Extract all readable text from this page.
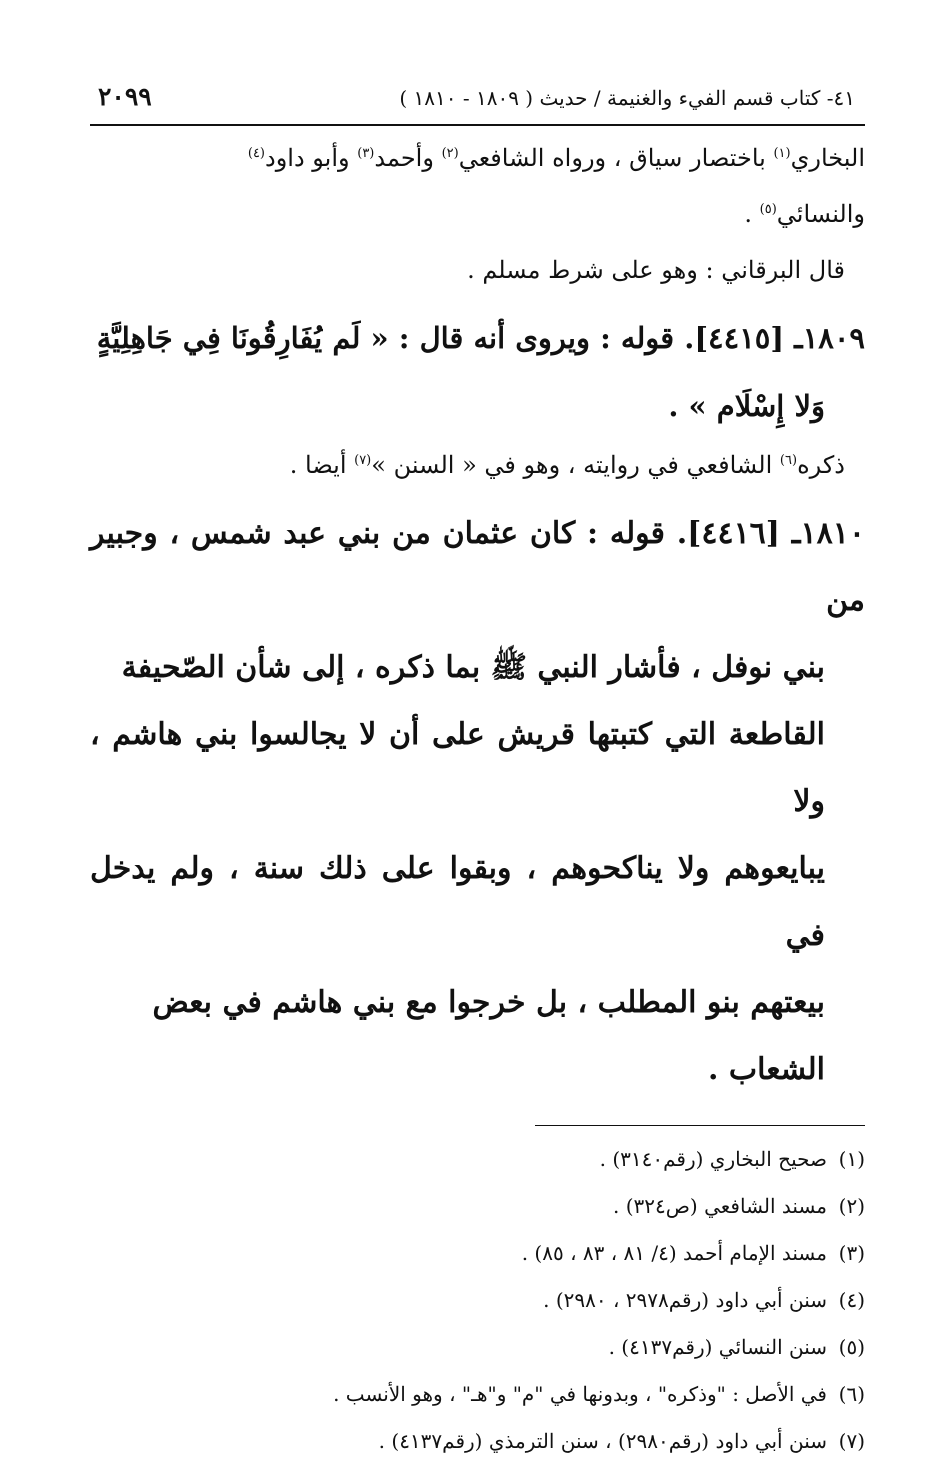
٤١- كتاب قسم الفيء والغنيمة / حديث ( ١٨٠٩ - ١٨١٠ )
٢٠٩٩

البخاري$^{(١)}$ باختصار سياق ، ورواه الشافعي$^{(٢)}$ وأحمد$^{(٣)}$ وأبو داود$^{(٤)}$
والنسائي$^{(٥)}$ .
قال البرقاني : وهو على شرط مسلم .

١٨٠٩ـ [٤٤١٥]. قوله : ويروى أنه قال : « لَم يُفَارِقُونَا فِي جَاهِلِيَّةٍ
وَلا إِسْلَام » .

ذكره$^{(٦)}$ الشافعي في روايته ، وهو في « السنن »$^{(٧)}$ أيضا .

١٨١٠ـ [٤٤١٦]. قوله : كان عثمان من بني عبد شمس ، وجبير من
بني نوفل ، فأشار النبي ﷺ بما ذكره ، إلى شأن الصّحيفة
القاطعة التي كتبتها قريش على أن لا يجالسوا بني هاشم ، ولا
يبايعوهم ولا يناكحوهم ، وبقوا على ذلك سنة ، ولم يدخل في
بيعتهم بنو المطلب ، بل خرجوا مع بني هاشم في بعض
الشعاب .

(١)صحيح البخاري (رقم٣١٤٠) .
(٢)مسند الشافعي (ص٣٢٤) .
(٣)مسند الإمام أحمد (٤/ ٨١ ، ٨٣ ، ٨٥) .
(٤)سنن أبي داود (رقم٢٩٧٨ ، ٢٩٨٠) .
(٥)سنن النسائي (رقم٤١٣٧) .
(٦)في الأصل : "وذكره" ، وبدونها في "م" و"هـ" ، وهو الأنسب .
(٧)سنن أبي داود (رقم٢٩٨٠) ، سنن الترمذي (رقم٤١٣٧) .
